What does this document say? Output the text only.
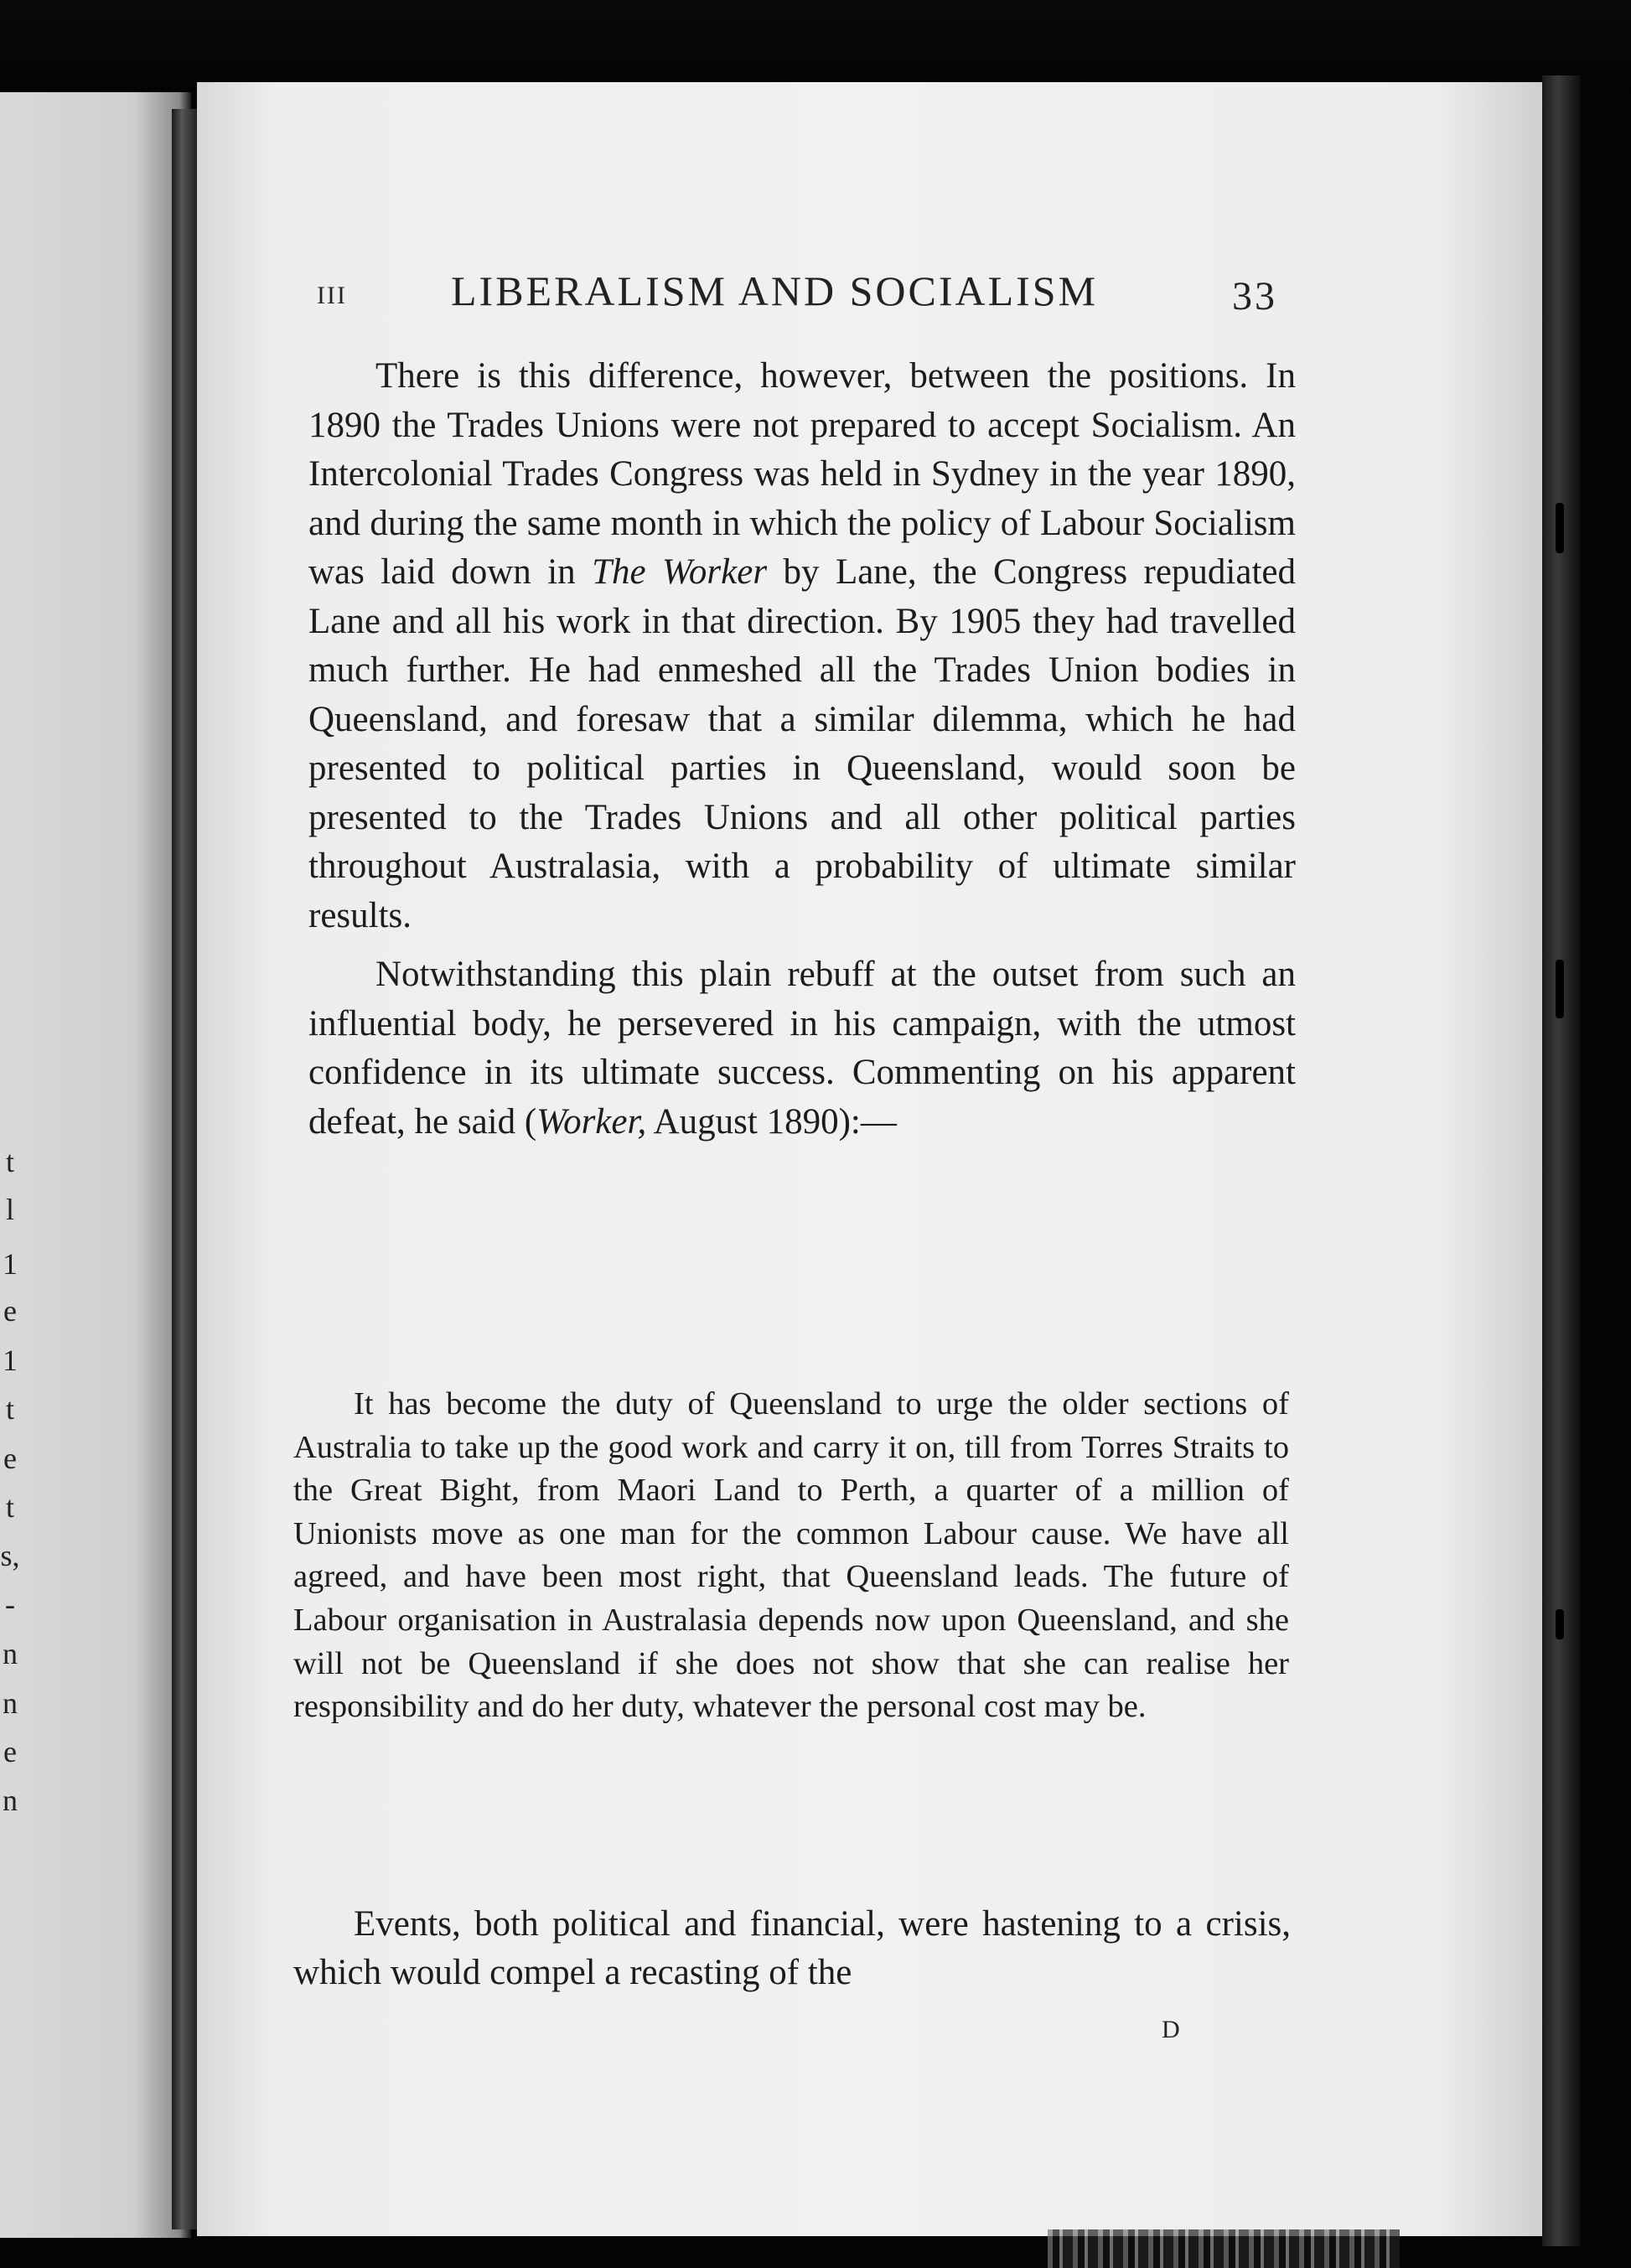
t
l
1
e
1
t
e
t
s,
-
n
n
e
n
III LIBERALISM AND SOCIALISM	33

There is this difference, however, between the positions. In 1890 the Trades Unions were not prepared to accept Socialism. An Intercolonial Trades Congress was held in Sydney in the year 1890, and during the same month in which the policy of Labour Socialism was laid down in The Worker by Lane, the Congress repudiated Lane and all his work in that direction. By 1905 they had travelled much further. He had enmeshed all the Trades Union bodies in Queensland, and foresaw that a similar dilemma, which he had presented to political parties in Queensland, would soon be presented to the Trades Unions and all other political parties throughout Australasia, with a probability of ultimate similar results.

Notwithstanding this plain rebuff at the outset from such an influential body, he persevered in his campaign, with the utmost confidence in its ultimate success. Commenting on his apparent defeat, he said (Worker, August 1890):—

It has become the duty of Queensland to urge the older sections of Australia to take up the good work and carry it on, till from Torres Straits to the Great Bight, from Maori Land to Perth, a quarter of a million of Unionists move as one man for the common Labour cause. We have all agreed, and have been most right, that Queensland leads. The future of Labour organisation in Australasia depends now upon Queensland, and she will not be Queensland if she does not show that she can realise her responsibility and do her duty, whatever the personal cost may be.

Events, both political and financial, were hastening to a crisis, which would compel a recasting of the

D
